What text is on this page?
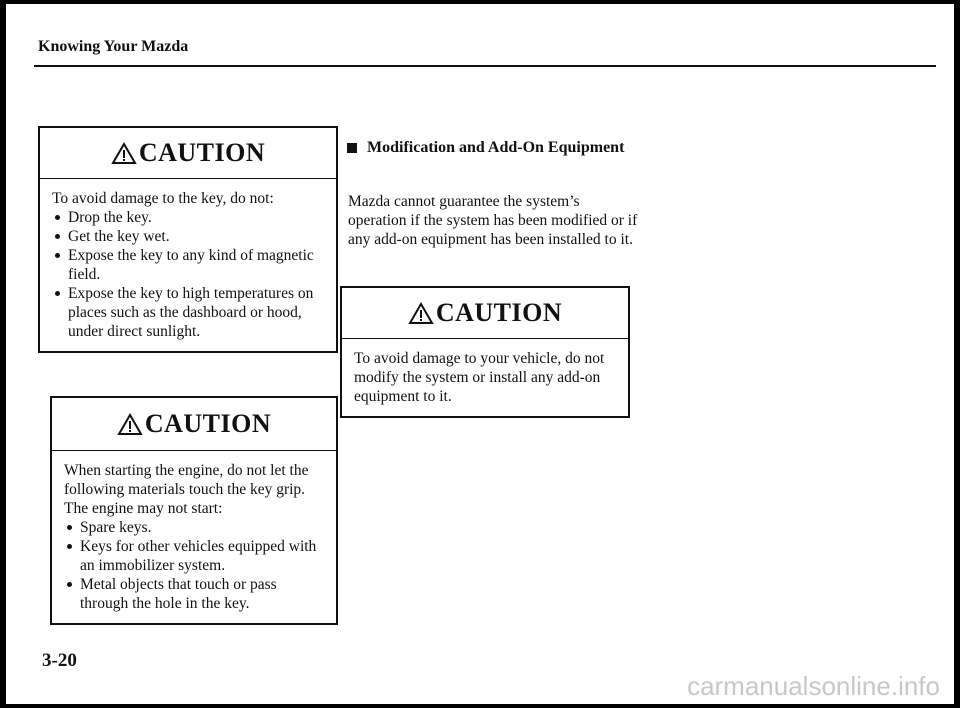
Knowing Your Mazda
CAUTION
To avoid damage to the key, do not:
Drop the key.
Get the key wet.
Expose the key to any kind of magnetic field.
Expose the key to high temperatures on places such as the dashboard or hood, under direct sunlight.
CAUTION
When starting the engine, do not let the following materials touch the key grip. The engine may not start:
Spare keys.
Keys for other vehicles equipped with an immobilizer system.
Metal objects that touch or pass through the hole in the key.
Modification and Add-On Equipment
Mazda cannot guarantee the system’s operation if the system has been modified or if any add-on equipment has been installed to it.
CAUTION
To avoid damage to your vehicle, do not modify the system or install any add-on equipment to it.
3-20
carmanualsonline.info
